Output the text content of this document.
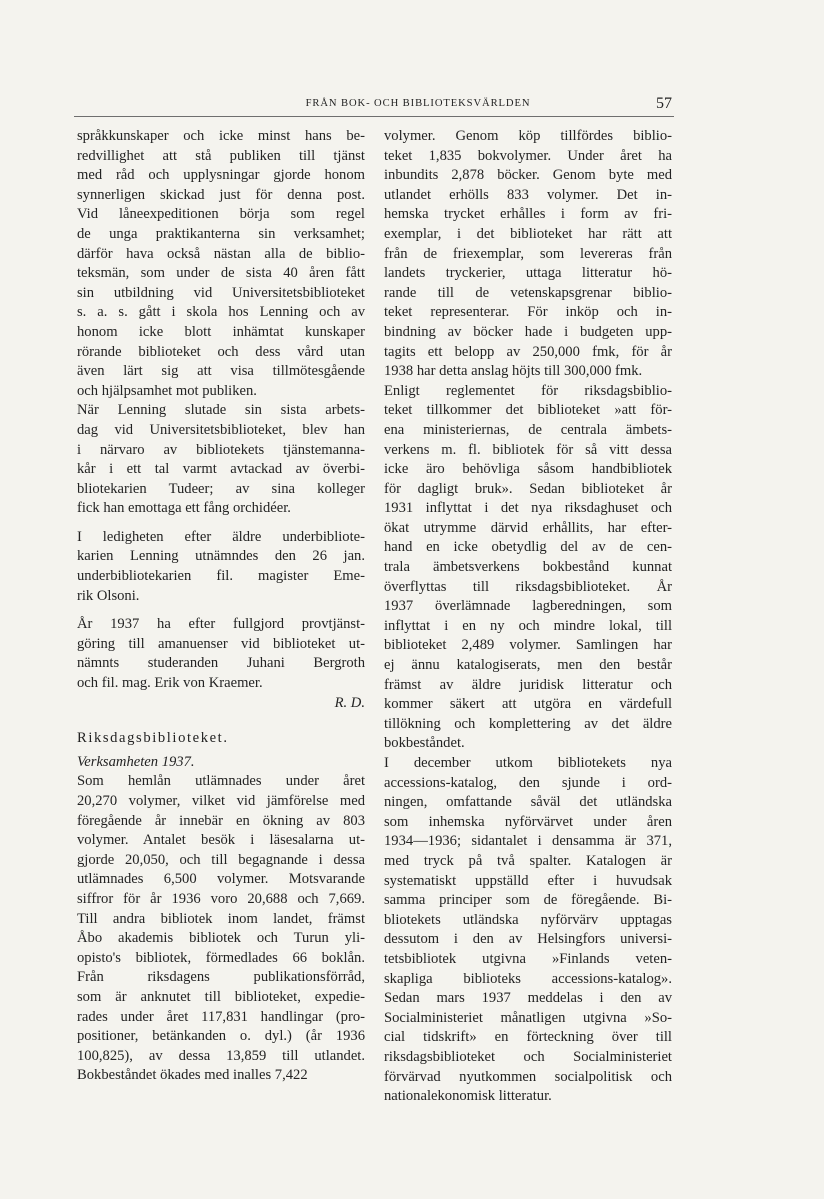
FRÅN BOK- OCH BIBLIOTEKSVÄRLDEN	57
språkkunskaper och icke minst hans be-
redvillighet att stå publiken till tjänst
med råd och upplysningar gjorde honom
synnerligen skickad just för denna post.
Vid låneexpeditionen börja som regel
de unga praktikanterna sin verksamhet;
därför hava också nästan alla de biblio-
teksmän, som under de sista 40 åren fått
sin utbildning vid Universitetsbiblioteket
s. a. s. gått i skola hos Lenning och av
honom icke blott inhämtat kunskaper
rörande biblioteket och dess vård utan
även lärt sig att visa tillmötesgående
och hjälpsamhet mot publiken.
När Lenning slutade sin sista arbets-
dag vid Universitetsbiblioteket, blev han
i närvaro av bibliotekets tjänstemanna-
kår i ett tal varmt avtackad av överbi-
bliotekarien Tudeer; av sina kolleger
fick han emottaga ett fång orchidéer.
I ledigheten efter äldre underbibliote-
karien Lenning utnämndes den 26 jan.
underbibliotekarien fil. magister Eme-
rik Olsoni.
År 1937 ha efter fullgjord provtjänst-
göring till amanuenser vid biblioteket ut-
nämnts studeranden Juhani Bergroth
och fil. mag. Erik von Kraemer.
R. D.
Riksdagsbiblioteket.
Verksamheten 1937.
Som hemlån utlämnades under året
20,270 volymer, vilket vid jämförelse med
föregående år innebär en ökning av 803
volymer. Antalet besök i läsesalarna ut-
gjorde 20,050, och till begagnande i dessa
utlämnades 6,500 volymer. Motsvarande
siffror för år 1936 voro 20,688 och 7,669.
Till andra bibliotek inom landet, främst
Åbo akademis bibliotek och Turun yli-
opisto's bibliotek, förmedlades 66 boklån.
Från riksdagens publikationsförråd,
som är anknutet till biblioteket, expedie-
rades under året 117,831 handlingar (pro-
positioner, betänkanden o. dyl.) (år 1936
100,825), av dessa 13,859 till utlandet.
Bokbeståndet ökades med inalles 7,422
volymer. Genom köp tillfördes biblio-
teket 1,835 bokvolymer. Under året ha
inbundits 2,878 böcker. Genom byte med
utlandet erhölls 833 volymer. Det in-
hemska trycket erhålles i form av fri-
exemplar, i det biblioteket har rätt att
från de friexemplar, som levereras från
landets tryckerier, uttaga litteratur hö-
rande till de vetenskapsgrenar biblio-
teket representerar. För inköp och in-
bindning av böcker hade i budgeten upp-
tagits ett belopp av 250,000 fmk, för år
1938 har detta anslag höjts till 300,000 fmk.
Enligt reglementet för riksdagsbiblio-
teket tillkommer det biblioteket »att för-
ena ministeriernas, de centrala ämbets-
verkens m. fl. bibliotek för så vitt dessa
icke äro behövliga såsom handbibliotek
för dagligt bruk». Sedan biblioteket år
1931 inflyttat i det nya riksdaghuset och
ökat utrymme därvid erhållits, har efter-
hand en icke obetydlig del av de cen-
trala ämbetsverkens bokbestånd kunnat
överflyttas till riksdagsbiblioteket. År
1937 överlämnade lagberedningen, som
inflyttat i en ny och mindre lokal, till
biblioteket 2,489 volymer. Samlingen har
ej ännu katalogiserats, men den består
främst av äldre juridisk litteratur och
kommer säkert att utgöra en värdefull
tillökning och komplettering av det äldre
bokbeståndet.
I december utkom bibliotekets nya
accessions-katalog, den sjunde i ord-
ningen, omfattande såväl det utländska
som inhemska nyförvärvet under åren
1934—1936; sidantalet i densamma är 371,
med tryck på två spalter. Katalogen är
systematiskt uppställd efter i huvudsak
samma principer som de föregående. Bi-
bliotekets utländska nyförvärv upptagas
dessutom i den av Helsingfors universi-
tetsbibliotek utgivna »Finlands veten-
skapliga biblioteks accessions-katalog».
Sedan mars 1937 meddelas i den av
Socialministeriet månatligen utgivna »So-
cial tidskrift» en förteckning över till
riksdagsbiblioteket och Socialministeriet
förvärvad nyutkommen socialpolitisk och
nationalekonomisk litteratur.
